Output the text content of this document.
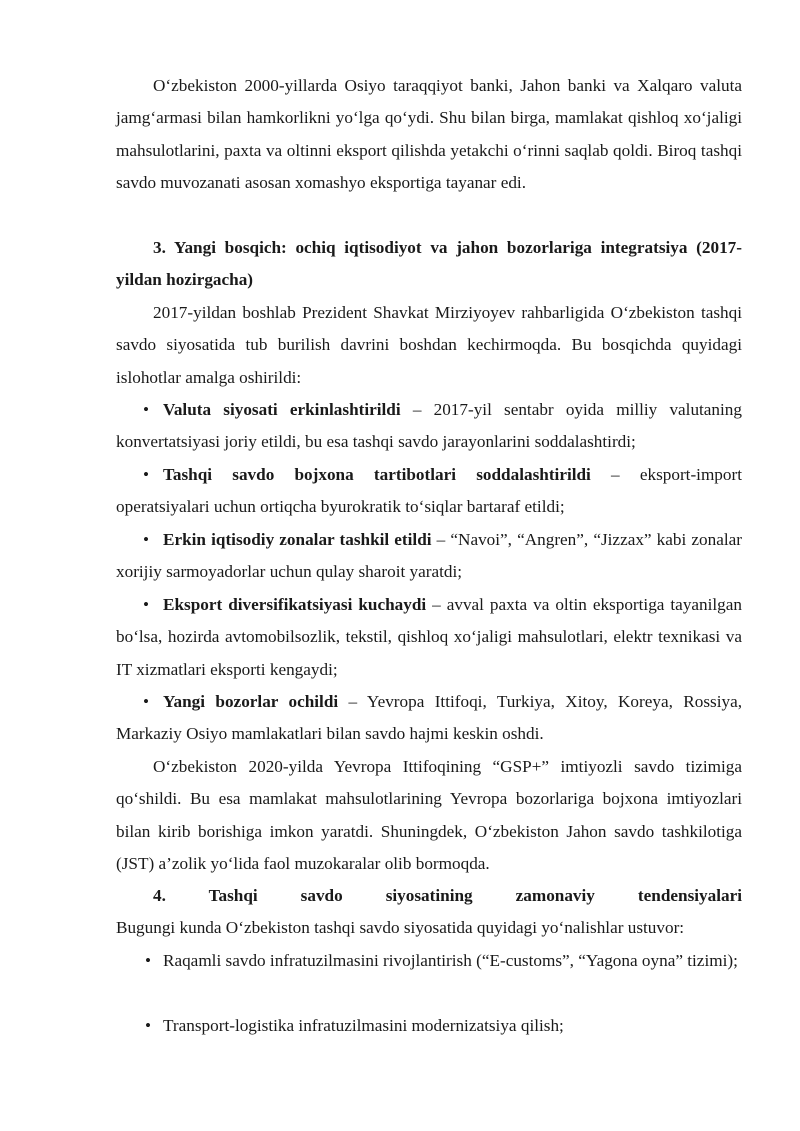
O‘zbekiston 2000-yillarda Osiyo taraqqiyot banki, Jahon banki va Xalqaro valuta jamg‘armasi bilan hamkorlikni yo‘lga qo‘ydi. Shu bilan birga, mamlakat qishloq xo‘jaligi mahsulotlarini, paxta va oltinni eksport qilishda yetakchi o‘rinni saqlab qoldi. Biroq tashqi savdo muvozanati asosan xomashyo eksportiga tayanar edi.

3. Yangi bosqich: ochiq iqtisodiyot va jahon bozorlariga integratsiya (2017-yildan hozirgacha)

2017-yildan boshlab Prezident Shavkat Mirziyoyev rahbarligida O‘zbekiston tashqi savdo siyosatida tub burilish davrini boshdan kechirmoqda. Bu bosqichda quyidagi islohotlar amalga oshirildi:

• Valuta siyosati erkinlashtirildi – 2017-yil sentabr oyida milliy valutaning konvertatsiyasi joriy etildi, bu esa tashqi savdo jarayonlarini soddalashtirdi;

• Tashqi savdo bojxona tartibotlari soddalashtirildi – eksport-import operatsiyalari uchun ortiqcha byurokratik to‘siqlar bartaraf etildi;

• Erkin iqtisodiy zonalar tashkil etildi – “Navoi”, “Angren”, “Jizzax” kabi zonalar xorijiy sarmoyadorlar uchun qulay sharoit yaratdi;

• Eksport diversifikatsiyasi kuchaydi – avval paxta va oltin eksportiga tayanilgan bo‘lsa, hozirda avtomobilsozlik, tekstil, qishloq xo‘jaligi mahsulotlari, elektr texnikasi va IT xizmatlari eksporti kengaydi;

• Yangi bozorlar ochildi – Yevropa Ittifoqi, Turkiya, Xitoy, Koreya, Rossiya, Markaziy Osiyo mamlakatlari bilan savdo hajmi keskin oshdi.

O‘zbekiston 2020-yilda Yevropa Ittifoqining “GSP+” imtiyozli savdo tizimiga qo‘shildi. Bu esa mamlakat mahsulotlarining Yevropa bozorlariga bojxona imtiyozlari bilan kirib borishiga imkon yaratdi. Shuningdek, O‘zbekiston Jahon savdo tashkilotiga (JST) a’zolik yo‘lida faol muzokaralar olib bormoqda.

4. Tashqi savdo siyosatining zamonaviy tendensiyalari

Bugungi kunda O‘zbekiston tashqi savdo siyosatida quyidagi yo‘nalishlar ustuvor:

• Raqamli savdo infratuzilmasini rivojlantirish (“E-customs”, “Yagona oyna” tizimi);

• Transport-logistika infratuzilmasini modernizatsiya qilish;
